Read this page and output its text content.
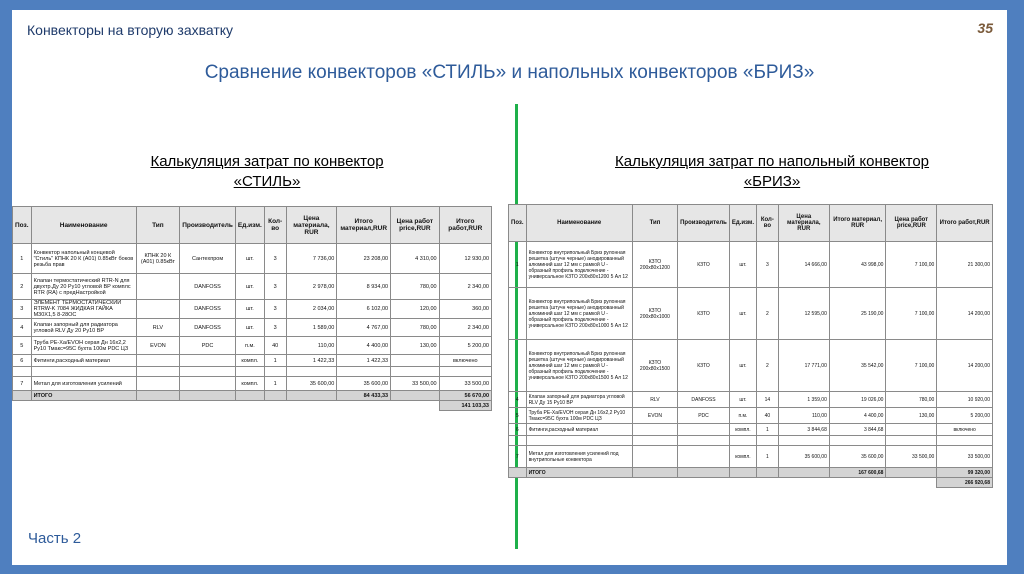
Конвекторы на вторую захватку	35
Сравнение конвекторов «СТИЛЬ» и напольных конвекторов «БРИЗ»
Калькуляция затрат по конвектор
«СТИЛЬ»
Калькуляция затрат по напольный конвектор
«БРИЗ»
Часть 2
Поз.	Наименование	Тип	Производитель	Ед.изм.	Кол-во	Цена материала, RUR	Итого материал,RUR	Цена работ price,RUR	Итого работ,RUR
1	Конвектор напольный концевой "Стиль" КПНК 20 К (А01) 0.85кВт боков резьба прав	КПНК 20 К (А01) 0.85кВт	Сантехпром	шт.	3	7 736,00	23 208,00	4 310,00	12 930,00
2	Клапан термостатический RTR-N для двухтр.Ду 20 Ру10 угловой ВР комплс RTR (RA) с предНастройкой		DANFOSS	шт.	3	2 978,00	8 934,00	780,00	2 340,00
3	ЭЛЕМЕНТ ТЕРМОСТАТИЧЕСКИЙ RTRW-K 7084 ЖИДКАЯ ГАЙКА M30X1,5 8-28ОС		DANFOSS	шт.	3	2 034,00	6 102,00	120,00	360,00
4	Клапан запорный для радиатора угловой RLV Ду 20 Ру10 ВР	RLV	DANFOSS	шт.	3	1 589,00	4 767,00	780,00	2 340,00
5	Труба PE-Xa/EVOH серая Дн 16х2,2 Ру10 Тмакс=95С бухта 100м PDC ЦЗ	EVON	PDC	п.м.	40	110,00	4 400,00	130,00	5 200,00
6	Фитинги,расходный материал			компл.	1	1 422,33	1 422,33		включено

7	Метал для изготовления усилений			компл.	1	35 600,00	35 600,00	33 500,00	33 500,00
	ИТОГО						84 433,33		56 670,00
									141 103,33
Поз.	Наименование	Тип	Производитель	Ед.изм.	Кол-во	Цена материала, RUR	Итого материал, RUR	Цена работ price,RUR	Итого работ,RUR
1	Конвектор внутрипольный Бриз рулонная решетка (штучн черные) анодированный алюминий шаг 12 мм с рамкой U - образный профиль подключение - универсальное КЗТО 200х80х1200 5 Ал 12	КЗТО 200х80х1200	КЗТО	шт.	3	14 666,00	43 998,00	7 100,00	21 300,00
	Конвектор внутрипольный Бриз рулонная решетка (штучн черные) анодированный алюминий шаг 12 мм с рамкой U - образный профиль подключение - универсальное КЗТО 200х80х1000 5 Ал 12	КЗТО 200х80х1000	КЗТО	шт.	2	12 595,00	25 190,00	7 100,00	14 200,00
	Конвектор внутрипольный Бриз рулонная решетка (штучн черные) анодированный алюминий шаг 12 мм с рамкой U - образный профиль подключение - универсальное КЗТО 200х80х1500 5 Ал 12	КЗТО 200х80х1500	КЗТО	шт.	2	17 771,00	35 542,00	7 100,00	14 200,00
4	Клапан запорный для радиатора угловой RLV Ду 15 Ру10 ВР	RLV	DANFOSS	шт.	14	1 359,00	19 026,00	780,00	10 920,00
5	Труба PE-Xa/EVOH серая Дн 16х2,2 Ру10 Тмакс=95С бухта 100м PDC ЦЗ	EVON	PDC	п.м.	40	110,00	4 400,00	130,00	5 200,00
6	Фитинги,расходный материал			компл.	1	3 844,68	3 844,68		включено

7	Метал для изготовления усилений под внутрипольные конвектора			компл.	1	35 600,00	35 600,00	33 500,00	33 500,00
	ИТОГО						167 600,68		99 320,00
									266 920,68
